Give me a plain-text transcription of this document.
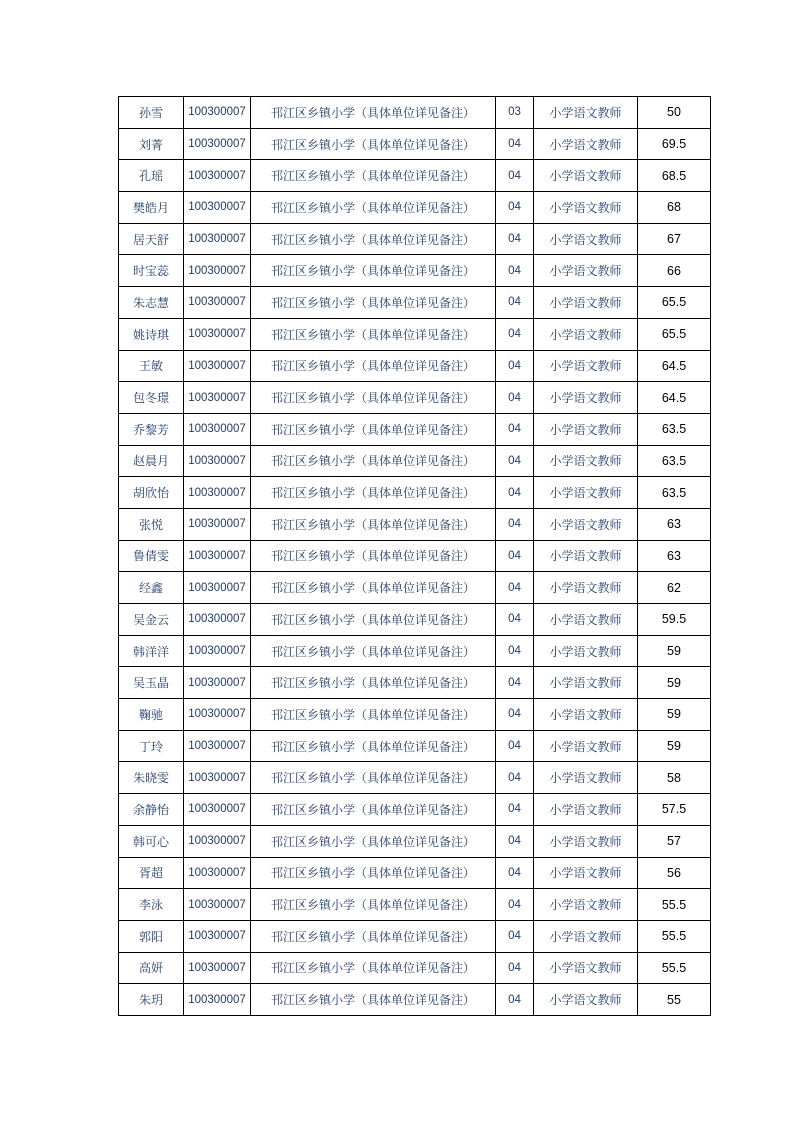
孙雪	100300007	邗江区乡镇小学（具体单位详见备注）	03	小学语文教师	50
刘菁	100300007	邗江区乡镇小学（具体单位详见备注）	04	小学语文教师	69.5
孔瑶	100300007	邗江区乡镇小学（具体单位详见备注）	04	小学语文教师	68.5
樊皓月	100300007	邗江区乡镇小学（具体单位详见备注）	04	小学语文教师	68
居天舒	100300007	邗江区乡镇小学（具体单位详见备注）	04	小学语文教师	67
时宝蕊	100300007	邗江区乡镇小学（具体单位详见备注）	04	小学语文教师	66
朱志慧	100300007	邗江区乡镇小学（具体单位详见备注）	04	小学语文教师	65.5
姚诗琪	100300007	邗江区乡镇小学（具体单位详见备注）	04	小学语文教师	65.5
王敏	100300007	邗江区乡镇小学（具体单位详见备注）	04	小学语文教师	64.5
包冬璟	100300007	邗江区乡镇小学（具体单位详见备注）	04	小学语文教师	64.5
乔黎芳	100300007	邗江区乡镇小学（具体单位详见备注）	04	小学语文教师	63.5
赵晨月	100300007	邗江区乡镇小学（具体单位详见备注）	04	小学语文教师	63.5
胡欣怡	100300007	邗江区乡镇小学（具体单位详见备注）	04	小学语文教师	63.5
张悦	100300007	邗江区乡镇小学（具体单位详见备注）	04	小学语文教师	63
鲁倩雯	100300007	邗江区乡镇小学（具体单位详见备注）	04	小学语文教师	63
经鑫	100300007	邗江区乡镇小学（具体单位详见备注）	04	小学语文教师	62
吴金云	100300007	邗江区乡镇小学（具体单位详见备注）	04	小学语文教师	59.5
韩洋洋	100300007	邗江区乡镇小学（具体单位详见备注）	04	小学语文教师	59
吴玉晶	100300007	邗江区乡镇小学（具体单位详见备注）	04	小学语文教师	59
鞠驰	100300007	邗江区乡镇小学（具体单位详见备注）	04	小学语文教师	59
丁玲	100300007	邗江区乡镇小学（具体单位详见备注）	04	小学语文教师	59
朱晓雯	100300007	邗江区乡镇小学（具体单位详见备注）	04	小学语文教师	58
余静怡	100300007	邗江区乡镇小学（具体单位详见备注）	04	小学语文教师	57.5
韩可心	100300007	邗江区乡镇小学（具体单位详见备注）	04	小学语文教师	57
胥超	100300007	邗江区乡镇小学（具体单位详见备注）	04	小学语文教师	56
李泳	100300007	邗江区乡镇小学（具体单位详见备注）	04	小学语文教师	55.5
郭阳	100300007	邗江区乡镇小学（具体单位详见备注）	04	小学语文教师	55.5
高妍	100300007	邗江区乡镇小学（具体单位详见备注）	04	小学语文教师	55.5
朱玥	100300007	邗江区乡镇小学（具体单位详见备注）	04	小学语文教师	55
